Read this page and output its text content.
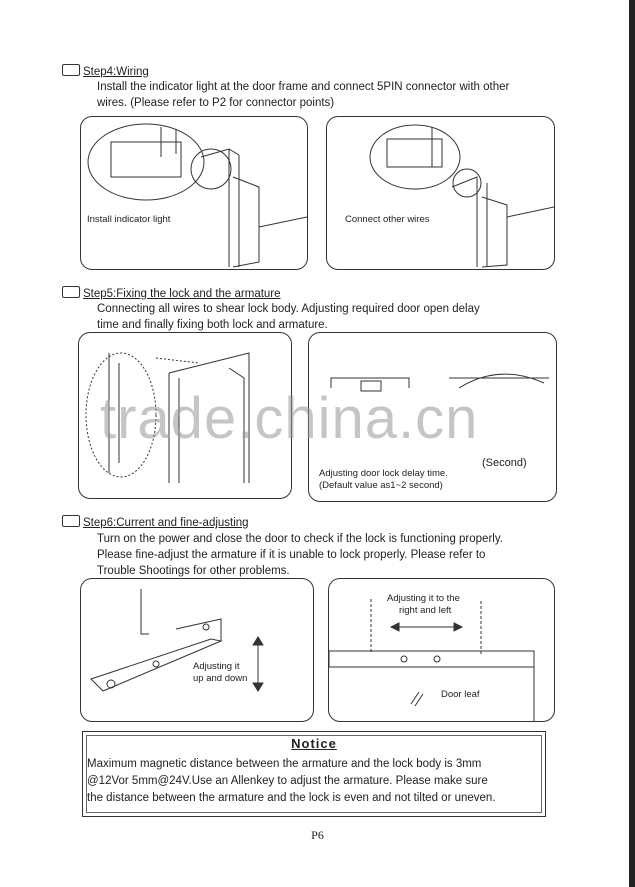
trade.china.cn
Step4:Wiring
Install the indicator light at the door frame and connect 5PIN connector with other
wires. (Please refer to P2 for connector points)
Install indicator light	Connect other wires
Step5:Fixing the lock and the armature
Connecting all wires to shear lock body. Adjusting required door open delay
time and finally fixing both lock and armature.
(Second)
Adjusting door lock delay time.
(Default value as1~2 second)
Step6:Current and fine-adjusting
Turn on the power and close the door to check if the lock is functioning properly.
Please fine-adjust the armature if it is unable to lock properly. Please refer to
Trouble Shootings for other problems.
Adjusting it
up and down
Adjusting it to the
right and left
Door leaf
Notice
Maximum magnetic distance between the armature and the lock body is 3mm
@12Vor 5mm@24V.Use an Allenkey to adjust the armature. Please make sure
the distance between the armature and the lock is even and not tilted or uneven.
P6
